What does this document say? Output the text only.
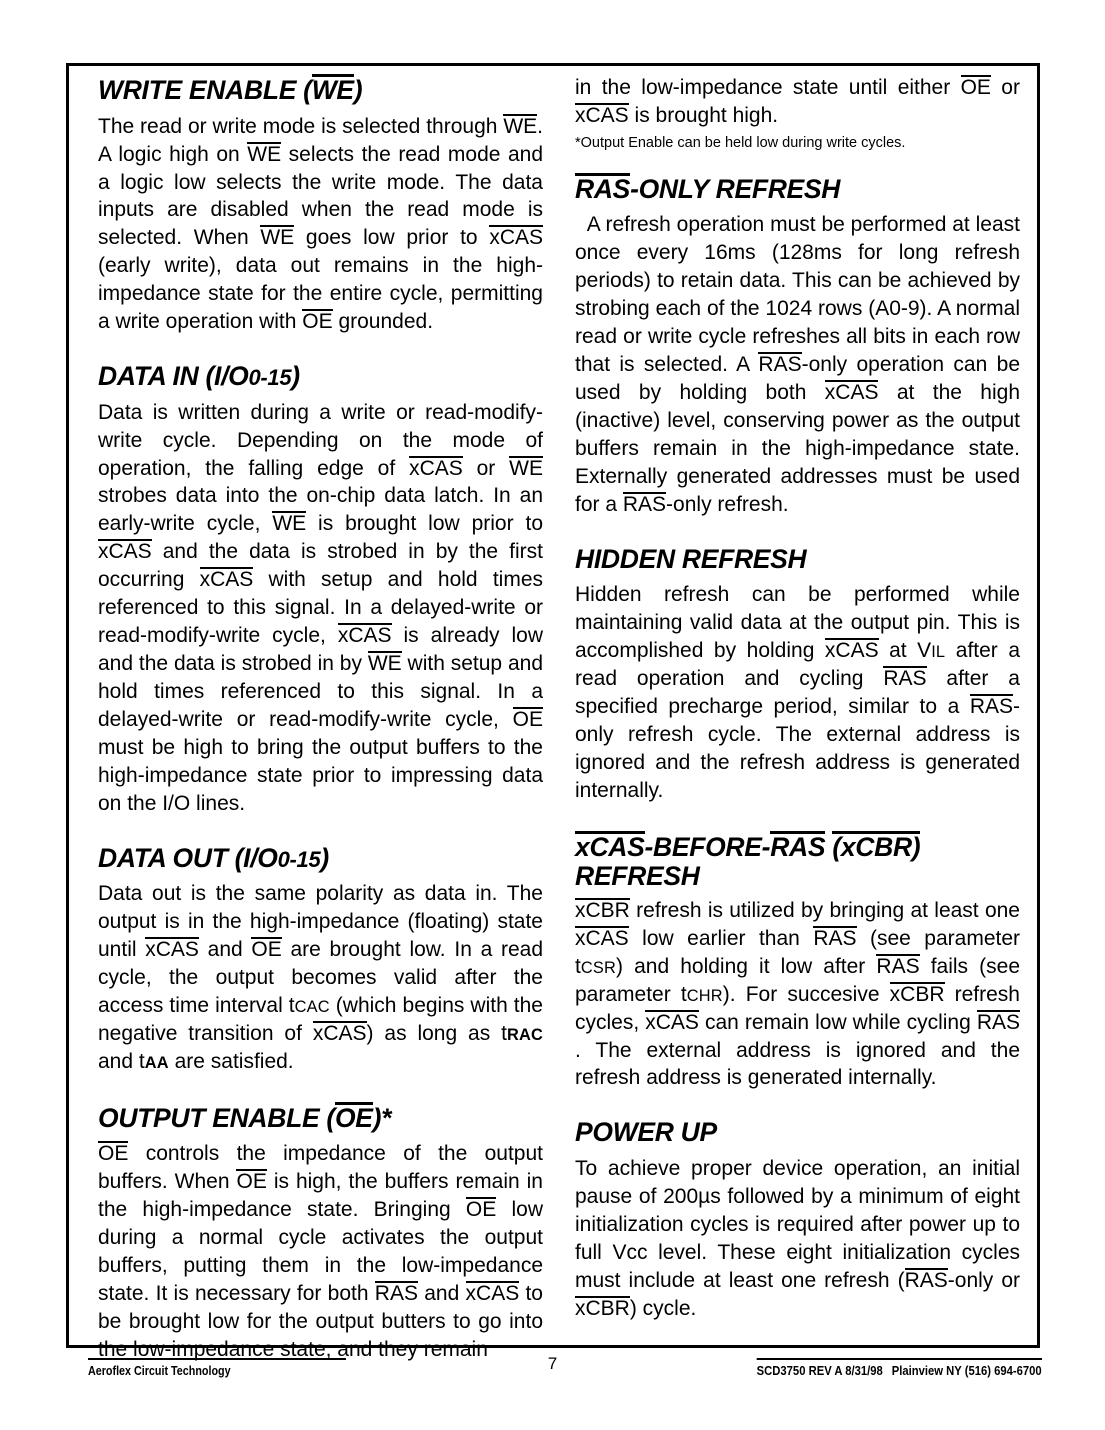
WRITE ENABLE (WE)

The read or write mode is selected through WE. A logic high on WE selects the read mode and a logic low selects the write mode. The data inputs are disabled when the read mode is selected. When WE goes low prior to xCAS (early write), data out remains in the high-impedance state for the entire cycle, permitting a write operation with OE grounded.

DATA IN (I/O0-15)

Data is written during a write or read-modify-write cycle. Depending on the mode of operation, the falling edge of xCAS or WE strobes data into the on-chip data latch. In an early-write cycle, WE is brought low prior to xCAS and the data is strobed in by the first occurring xCAS with setup and hold times referenced to this signal. In a delayed-write or read-modify-write cycle, xCAS is already low and the data is strobed in by WE with setup and hold times referenced to this signal. In a delayed-write or read-modify-write cycle, OE must be high to bring the output buffers to the high-impedance state prior to impressing data on the I/O lines.

DATA OUT (I/O0-15)

Data out is the same polarity as data in. The output is in the high-impedance (floating) state until xCAS and OE are brought low. In a read cycle, the output becomes valid after the access time interval tCAC (which begins with the negative transition of xCAS) as long as tRAC and tAA are satisfied.

OUTPUT ENABLE (OE)*

OE controls the impedance of the output buffers. When OE is high, the buffers remain in the high-impedance state. Bringing OE low during a normal cycle activates the output buffers, putting them in the low-impedance state. It is necessary for both RAS and xCAS to be brought low for the output butters to go into the low-impedance state, and they remain

in the low-impedance state until either OE or xCAS is brought high.

*Output Enable can be held low during write cycles.

RAS-ONLY REFRESH

A refresh operation must be performed at least once every 16ms (128ms for long refresh periods) to retain data. This can be achieved by strobing each of the 1024 rows (A0-9). A normal read or write cycle refreshes all bits in each row that is selected. A RAS-only operation can be used by holding both xCAS at the high (inactive) level, conserving power as the output buffers remain in the high-impedance state. Externally generated addresses must be used for a RAS-only refresh.

HIDDEN REFRESH

Hidden refresh can be performed while maintaining valid data at the output pin. This is accomplished by holding xCAS at VIL after a read operation and cycling RAS after a specified precharge period, similar to a RAS-only refresh cycle. The external address is ignored and the refresh address is generated internally.

xCAS-BEFORE-RAS (xCBR)
REFRESH

xCBR refresh is utilized by bringing at least one xCAS low earlier than RAS (see parameter tCSR) and holding it low after RAS fails (see parameter tCHR). For succesive xCBR refresh cycles, xCAS can remain low while cycling RAS. The external address is ignored and the refresh address is generated internally.

POWER UP

To achieve proper device operation, an initial pause of 200µs followed by a minimum of eight initialization cycles is required after power up to full Vcc level. These eight initialization cycles must include at least one refresh (RAS-only or xCBR) cycle.

Aeroflex Circuit Technology	7	SCD3750 REV A 8/31/98 Plainview NY (516) 694-6700
